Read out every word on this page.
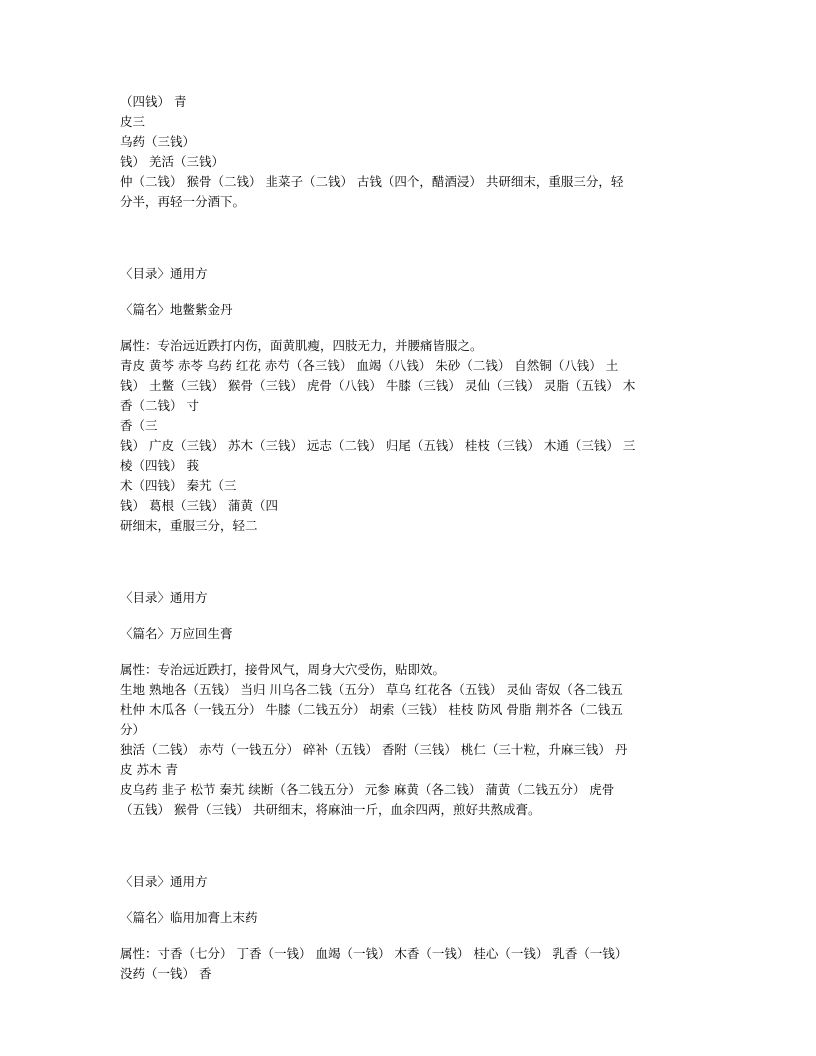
（四钱） 青
皮三
乌药（三钱）
钱） 羌活（三钱）
仲（二钱） 猴骨（二钱） 韭菜子（二钱） 古钱（四个，醋酒浸） 共研细末，重服三分，轻
分半，再轻一分酒下。
〈目录〉通用方
〈篇名〉地鳖紫金丹
属性：专治远近跌打内伤，面黄肌瘦，四肢无力，并腰痛皆服之。
青皮 黄芩 赤苓 乌药 红花 赤芍（各三钱） 血竭（八钱） 朱砂（二钱） 自然铜（八钱） 土
钱） 土鳖（三钱） 猴骨（三钱） 虎骨（八钱） 牛膝（三钱） 灵仙（三钱） 灵脂（五钱） 木
香（二钱） 寸
香（三
钱） 广皮（三钱） 苏木（三钱） 远志（二钱） 归尾（五钱） 桂枝（三钱） 木通（三钱） 三
棱（四钱） 莪
术（四钱） 秦艽（三
钱） 葛根（三钱） 蒲黄（四
研细末，重服三分，轻二
〈目录〉通用方
〈篇名〉万应回生膏
属性：专治远近跌打，接骨风气，周身大穴受伤，贴即效。
生地 熟地各（五钱） 当归 川乌各二钱（五分） 草乌 红花各（五钱） 灵仙 寄奴（各二钱五
杜仲 木瓜各（一钱五分） 牛膝（二钱五分） 胡索（三钱） 桂枝 防风 骨脂 荆芥各（二钱五
分）
独活（二钱） 赤芍（一钱五分） 碎补（五钱） 香附（三钱） 桃仁（三十粒，升麻三钱） 丹
皮 苏木 青
皮乌药 韭子 松节 秦艽 续断（各二钱五分） 元参 麻黄（各二钱） 蒲黄（二钱五分） 虎骨
（五钱） 猴骨（三钱） 共研细末，将麻油一斤，血余四两，煎好共熬成膏。
〈目录〉通用方
〈篇名〉临用加膏上末药
属性：寸香（七分） 丁香（一钱） 血竭（一钱） 木香（一钱） 桂心（一钱） 乳香（一钱）
没药（一钱） 香
